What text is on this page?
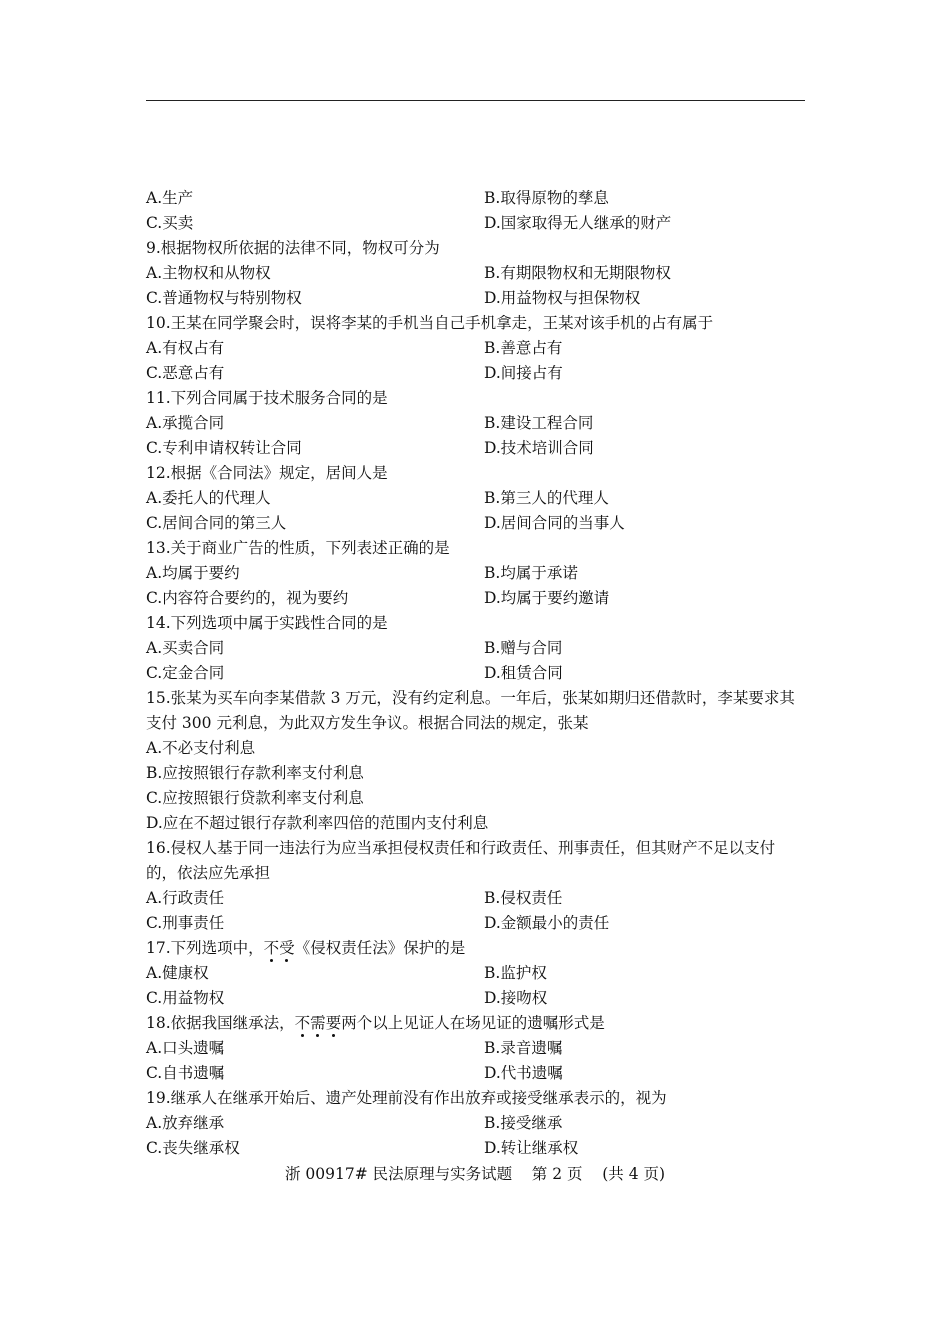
A.生产	B.取得原物的孳息
C.买卖	D.国家取得无人继承的财产
9.根据物权所依据的法律不同，物权可分为
A.主物权和从物权	B.有期限物权和无期限物权
C.普通物权与特别物权	D.用益物权与担保物权
10.王某在同学聚会时，误将李某的手机当自己手机拿走，王某对该手机的占有属于
A.有权占有	B.善意占有
C.恶意占有	D.间接占有
11.下列合同属于技术服务合同的是
A.承揽合同	B.建设工程合同
C.专利申请权转让合同	D.技术培训合同
12.根据《合同法》规定，居间人是
A.委托人的代理人	B.第三人的代理人
C.居间合同的第三人	D.居间合同的当事人
13.关于商业广告的性质，下列表述正确的是
A.均属于要约	B.均属于承诺
C.内容符合要约的，视为要约	D.均属于要约邀请
14.下列选项中属于实践性合同的是
A.买卖合同	B.赠与合同
C.定金合同	D.租赁合同
15.张某为买车向李某借款 3 万元，没有约定利息。一年后，张某如期归还借款时，李某要求其支付 300 元利息，为此双方发生争议。根据合同法的规定，张某
A.不必支付利息
B.应按照银行存款利率支付利息
C.应按照银行贷款利率支付利息
D.应在不超过银行存款利率四倍的范围内支付利息
16.侵权人基于同一违法行为应当承担侵权责任和行政责任、刑事责任，但其财产不足以支付的，依法应先承担
A.行政责任	B.侵权责任
C.刑事责任	D.金额最小的责任
17.下列选项中，不受《侵权责任法》保护的是
A.健康权	B.监护权
C.用益物权	D.接吻权
18.依据我国继承法，不需要两个以上见证人在场见证的遗嘱形式是
A.口头遗嘱	B.录音遗嘱
C.自书遗嘱	D.代书遗嘱
19.继承人在继承开始后、遗产处理前没有作出放弃或接受继承表示的，视为
A.放弃继承	B.接受继承
C.丧失继承权	D.转让继承权
浙 00917# 民法原理与实务试题    第 2 页    (共 4 页)
